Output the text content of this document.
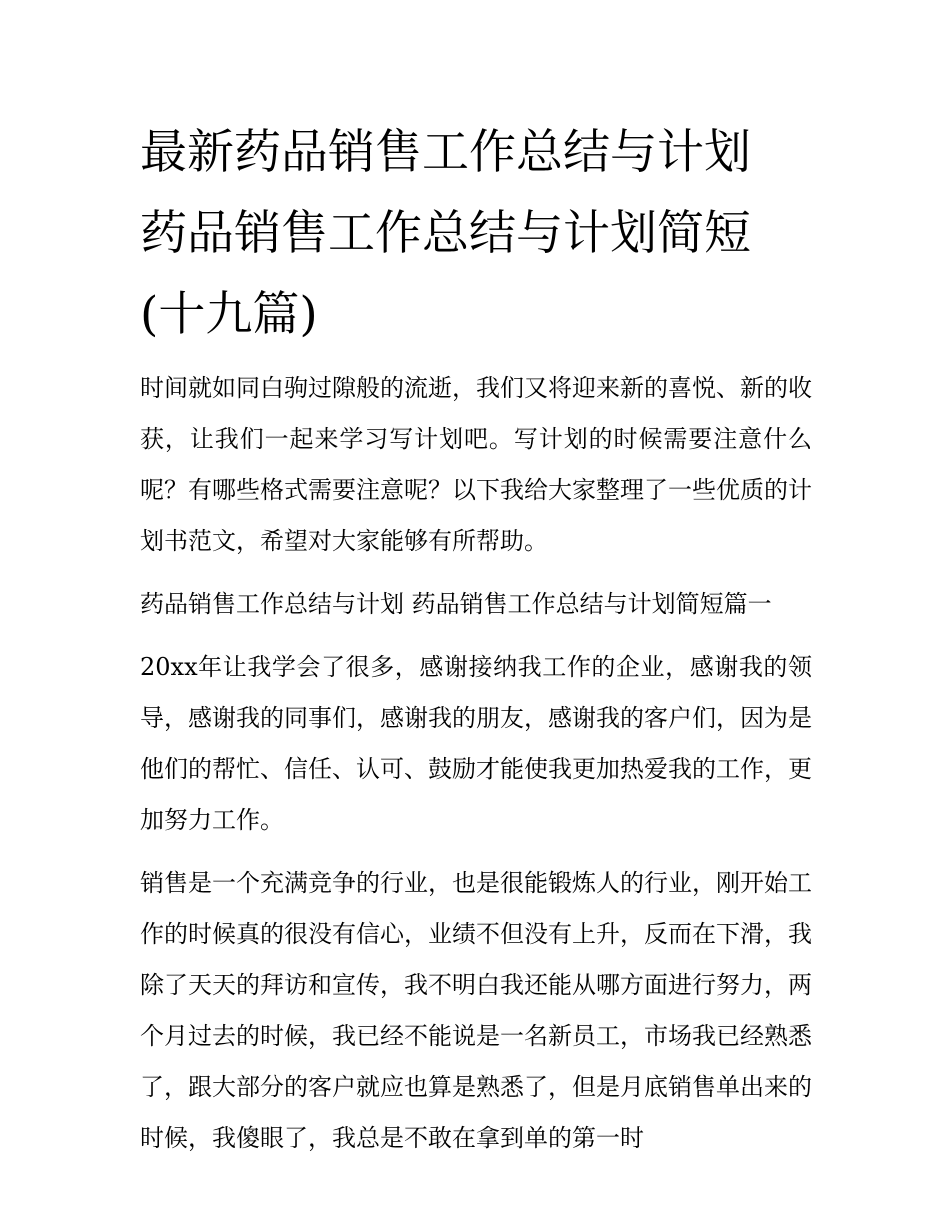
最新药品销售工作总结与计划 药品销售工作总结与计划简短(十九篇)

时间就如同白驹过隙般的流逝，我们又将迎来新的喜悦、新的收获，让我们一起来学习写计划吧。写计划的时候需要注意什么呢？有哪些格式需要注意呢？以下我给大家整理了一些优质的计划书范文，希望对大家能够有所帮助。

药品销售工作总结与计划 药品销售工作总结与计划简短篇一

20xx年让我学会了很多，感谢接纳我工作的企业，感谢我的领导，感谢我的同事们，感谢我的朋友，感谢我的客户们，因为是他们的帮忙、信任、认可、鼓励才能使我更加热爱我的工作，更加努力工作。

销售是一个充满竞争的行业，也是很能锻炼人的行业，刚开始工作的时候真的很没有信心，业绩不但没有上升，反而在下滑，我除了天天的拜访和宣传，我不明白我还能从哪方面进行努力，两个月过去的时候，我已经不能说是一名新员工，市场我已经熟悉了，跟大部分的客户就应也算是熟悉了，但是月底销售单出来的时候，我傻眼了，我总是不敢在拿到单的第一时
